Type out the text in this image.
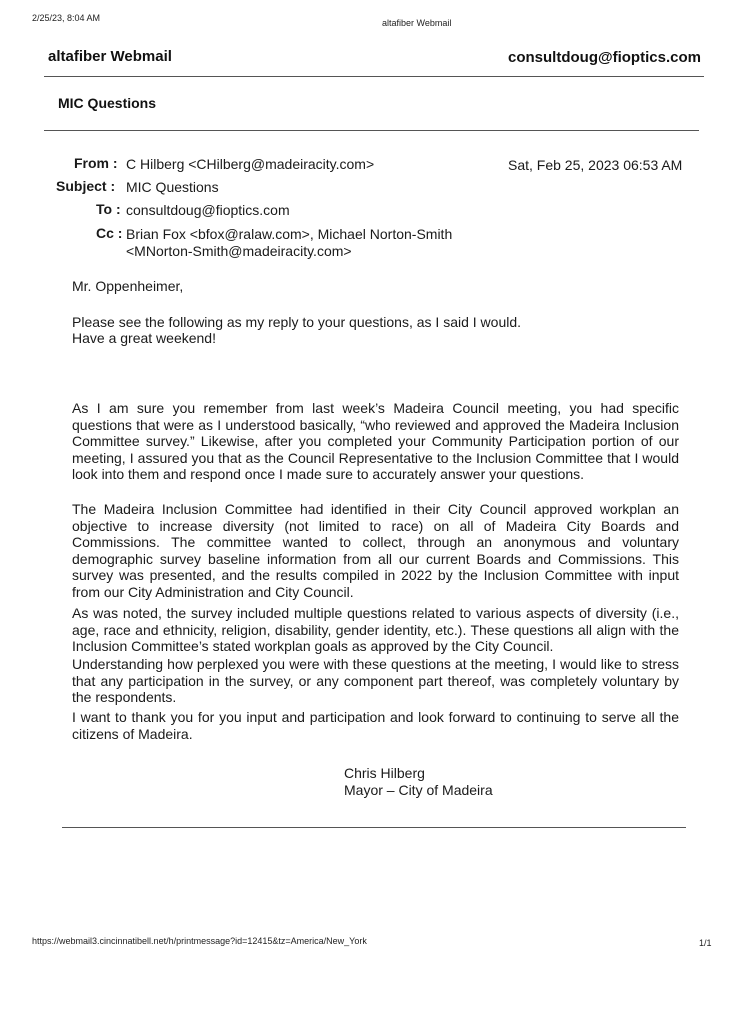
2/25/23, 8:04 AM	altafiber Webmail
altafiber Webmail	consultdoug@fioptics.com
MIC Questions
From : C Hilberg <CHilberg@madeiracity.com>	Sat, Feb 25, 2023 06:53 AM
Subject : MIC Questions
To : consultdoug@fioptics.com
Cc : Brian Fox <bfox@ralaw.com>, Michael Norton-Smith
<MNorton-Smith@madeiracity.com>
Mr. Oppenheimer,
Please see the following as my reply to your questions, as I said I would.
Have a great weekend!
As I am sure you remember from last week’s Madeira Council meeting, you had specific questions that were as I understood basically, “who reviewed and approved the Madeira Inclusion Committee survey.” Likewise, after you completed your Community Participation portion of our meeting, I assured you that as the Council Representative to the Inclusion Committee that I would look into them and respond once I made sure to accurately answer your questions.
The Madeira Inclusion Committee had identified in their City Council approved workplan an objective to increase diversity (not limited to race) on all of Madeira City Boards and Commissions. The committee wanted to collect, through an anonymous and voluntary demographic survey baseline information from all our current Boards and Commissions. This survey was presented, and the results compiled in 2022 by the Inclusion Committee with input from our City Administration and City Council.
As was noted, the survey included multiple questions related to various aspects of diversity (i.e., age, race and ethnicity, religion, disability, gender identity, etc.). These questions all align with the Inclusion Committee’s stated workplan goals as approved by the City Council.
Understanding how perplexed you were with these questions at the meeting, I would like to stress that any participation in the survey, or any component part thereof, was completely voluntary by the respondents.
I want to thank you for you input and participation and look forward to continuing to serve all the citizens of Madeira.
Chris Hilberg
Mayor – City of Madeira
https://webmail3.cincinnatibell.net/h/printmessage?id=12415&tz=America/New_York	1/1
